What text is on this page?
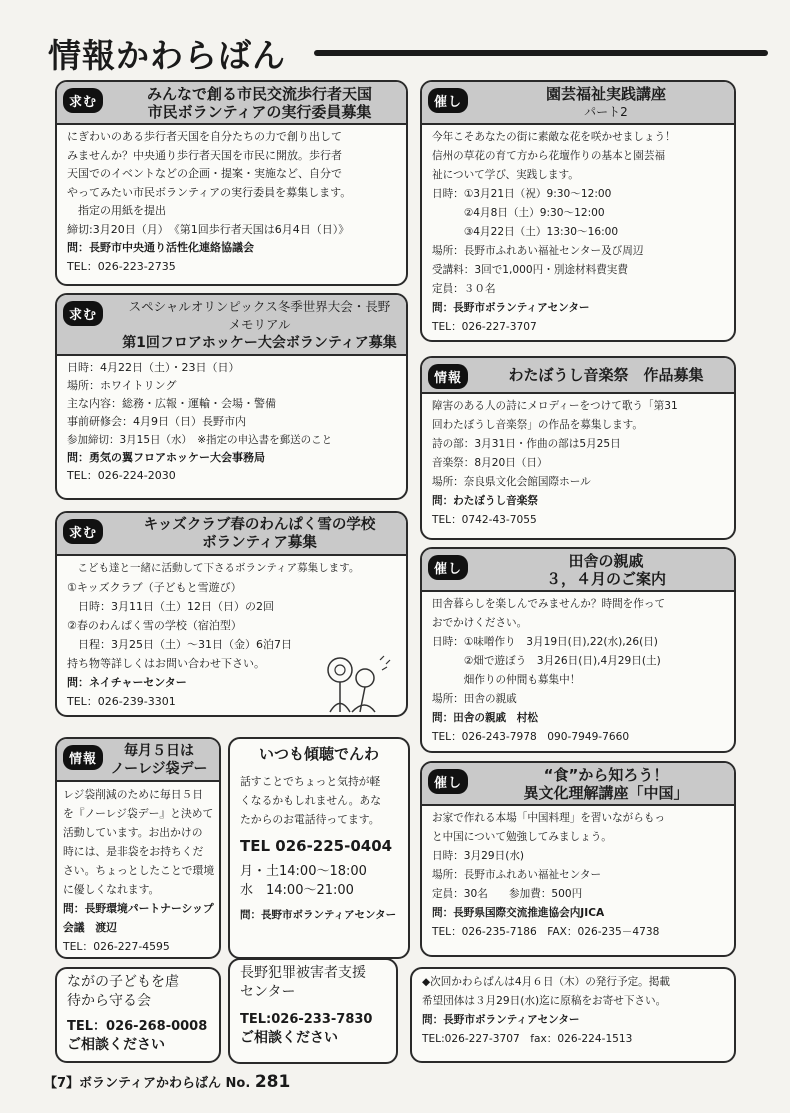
情報かわらばん
求む	みんなで創る市民交流歩行者天国
市民ボランティアの実行委員募集
にぎわいのある歩行者天国を自分たちの力で創り出して
みませんか？中央通り歩行者天国を市民に開放。歩行者
天国でのイベントなどの企画・提案・実施など、自分で
やってみたい市民ボランティアの実行委員を募集します。
　指定の用紙を提出
締切:3月20日（月）　《第1回歩行者天国は6月4日（日）》
問：長野市中央通り活性化連絡協議会
TEL：026-223-2735
求む
スペシャルオリンピックス冬季世界大会・長野
メモリアル
第1回フロアホッケー大会ボランティア募集
日時：4月22日（土）・23日（日）
場所：ホワイトリング
主な内容：総務・広報・運輸・会場・警備
事前研修会：4月9日（日）長野市内
参加締切：3月15日（水）　※指定の申込書を郵送のこと
問：勇気の翼フロアホッケー大会事務局
TEL：026-224-2030
求む
キッズクラブ春のわんぱく雪の学校
ボランティア募集
　こども達と一緒に活動して下さるボランティア募集します。
①キッズクラブ（子どもと雪遊び）
　日時：3月11日（土）12日（日）の2回
②春のわんぱく雪の学校（宿泊型）
　日程：3月25日（土）～31日（金）6泊7日
持ち物等詳しくはお問い合わせ下さい。
問：ネイチャーセンター
TEL：026-239-3301
情報
毎月５日は
ノーレジ袋デー
レジ袋削減のために毎日５日
を『ノーレジ袋デー』と決めて
活動しています。お出かけの
時には、是非袋をお持ちくだ
さい。ちょっとしたことで環境
に優しくなれます。
問：長野環境パートナーシップ
会議　渡辺
TEL：026-227-4595
いつも傾聴でんわ
話すことでちょっと気持が軽
くなるかもしれません。あな
たからのお電話待ってます。
TEL 026-225-0404
月・土14:00～18:00
水　14:00～21:00
問：長野市ボランティアセンター
ながの子どもを虐
待から守る会
TEL：026-268-0008
ご相談ください
長野犯罪被害者支援
センター
TEL:026-233-7830
ご相談ください
催し	園芸福祉実践講座
パート2
今年こそあなたの街に素敵な花を咲かせましょう！
信州の草花の育て方から花壇作りの基本と園芸福
祉について学び、実践します。
日時：①3月21日（祝）9:30～12:00
　　　②4月8日（土）9:30～12:00
　　　③4月22日（土）13:30～16:00
場所：長野市ふれあい福祉センター及び周辺
受講料：3回で1,000円・別途材料費実費
定員：３０名
問：長野市ボランティアセンター
TEL：026-227-3707
情報	わたぼうし音楽祭　作品募集
障害のある人の詩にメロディーをつけて歌う「第31
回わたぼうし音楽祭」の作品を募集します。
詩の部：3月31日・作曲の部は5月25日
音楽祭：8月20日（日）
場所：奈良県文化会館国際ホール
問：わたぼうし音楽祭
TEL：0742-43-7055
催し	田舎の親戚
３，４月のご案内
田舎暮らしを楽しんでみませんか？時間を作って
おでかけください。
日時：①味噌作り　3月19日(日),22(水),26(日)
　　　②畑で遊ぼう　3月26日(日),4月29日(土)
　　　畑作りの仲間も募集中！
場所：田舎の親戚
問：田舎の親戚　村松
TEL：026-243-7978　090-7949-7660
催し	“食”から知ろう！
異文化理解講座「中国」
お家で作れる本場「中国料理」を習いながらもっ
と中国について勉強してみましょう。
日時：3月29日(水)
場所：長野市ふれあい福祉センター
定員：30名　　参加費：500円
問：長野県国際交流推進協会内JICA
TEL：026-235-7186　FAX：026-235－4738
◆次回かわらばんは4月６日（木）の発行予定。掲載
希望団体は３月29日(水)迄に原稿をお寄せ下さい。
問：長野市ボランティアセンター
TEL:026-227-3707　fax：026-224-1513
【7】ボランティアかわらばん No. 281
